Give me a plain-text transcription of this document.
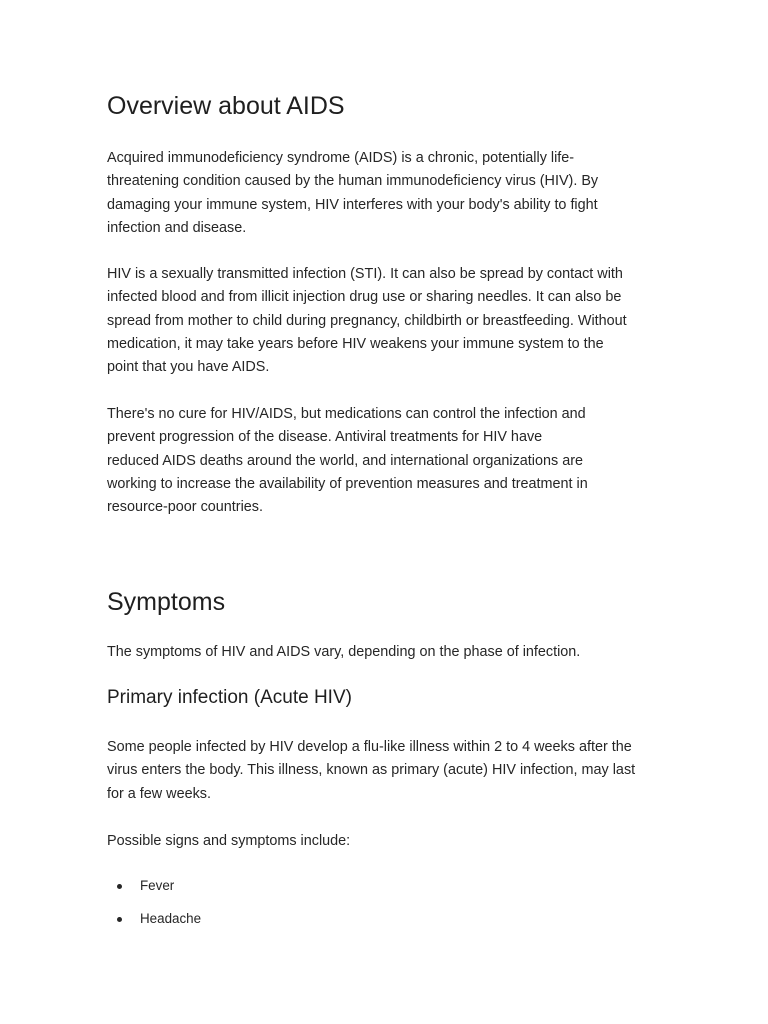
Overview about AIDS

Acquired immunodeficiency syndrome (AIDS) is a chronic, potentially life-
threatening condition caused by the human immunodeficiency virus (HIV). By
damaging your immune system, HIV interferes with your body's ability to fight
infection and disease.

HIV is a sexually transmitted infection (STI). It can also be spread by contact with
infected blood and from illicit injection drug use or sharing needles. It can also be
spread from mother to child during pregnancy, childbirth or breastfeeding. Without
medication, it may take years before HIV weakens your immune system to the
point that you have AIDS.

There's no cure for HIV/AIDS, but medications can control the infection and
prevent progression of the disease. Antiviral treatments for HIV have
reduced AIDS deaths around the world, and international organizations are
working to increase the availability of prevention measures and treatment in
resource-poor countries.

Symptoms

The symptoms of HIV and AIDS vary, depending on the phase of infection.

Primary infection (Acute HIV)

Some people infected by HIV develop a flu-like illness within 2 to 4 weeks after the
virus enters the body. This illness, known as primary (acute) HIV infection, may last
for a few weeks.

Possible signs and symptoms include:

Fever
Headache
